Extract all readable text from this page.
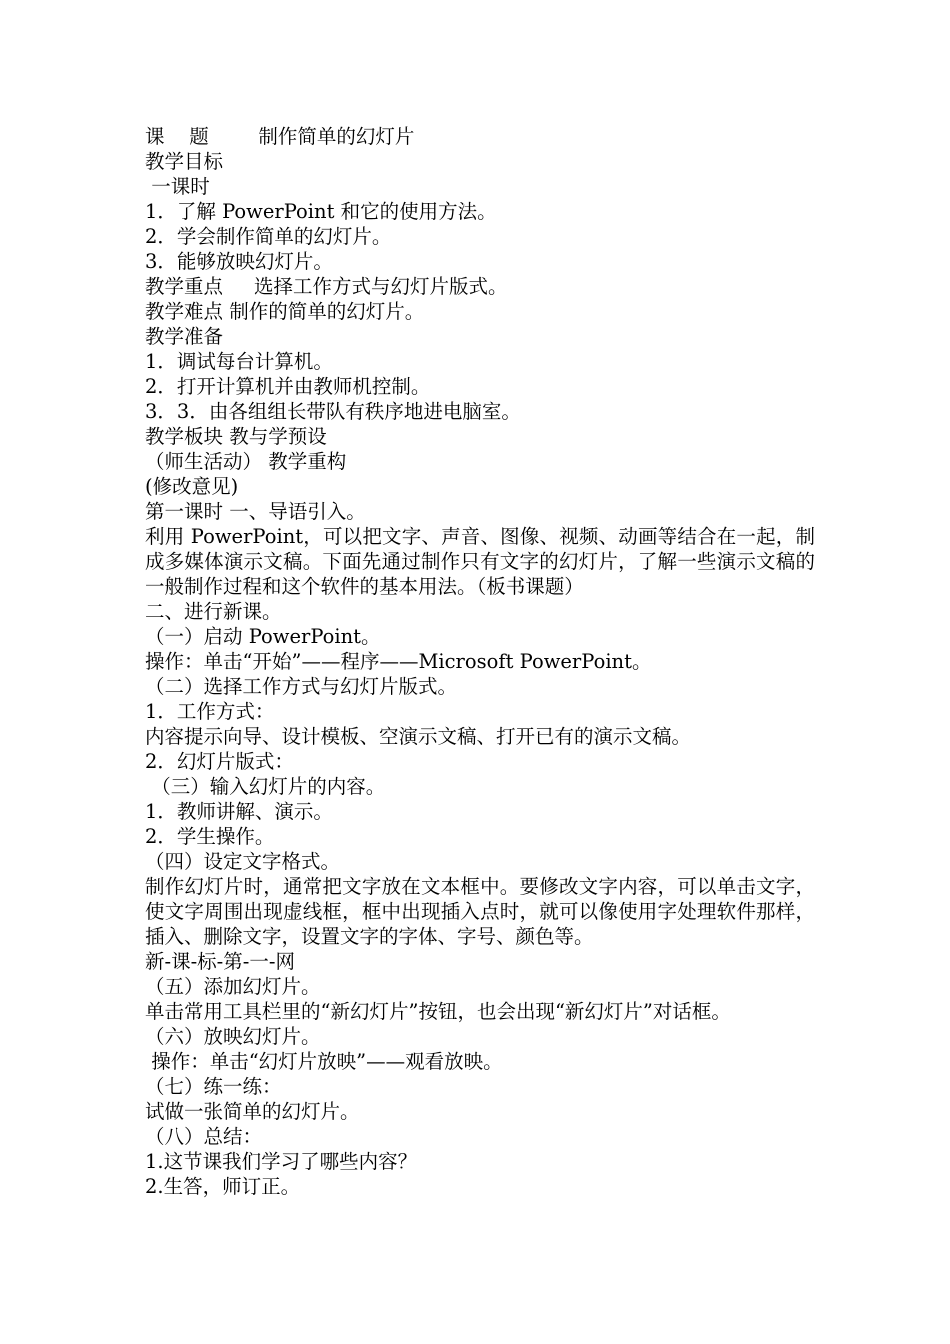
课    题        制作简单的幻灯片
教学目标
一课时
1．了解 PowerPoint 和它的使用方法。
2．学会制作简单的幻灯片。
3．能够放映幻灯片。
教学重点     选择工作方式与幻灯片版式。
教学难点 制作的简单的幻灯片。
教学准备
1．调试每台计算机。
2．打开计算机并由教师机控制。
3．3．由各组组长带队有秩序地进电脑室。
教学板块 教与学预设
（师生活动） 教学重构
(修改意见)
第一课时 一、导语引入。
利用 PowerPoint，可以把文字、声音、图像、视频、动画等结合在一起，制成多媒体演示文稿。下面先通过制作只有文字的幻灯片，了解一些演示文稿的一般制作过程和这个软件的基本用法。（板书课题）
二、进行新课。
（一）启动 PowerPoint。
操作：单击“开始”——程序——Microsoft PowerPoint。
（二）选择工作方式与幻灯片版式。
1．工作方式：
内容提示向导、设计模板、空演示文稿、打开已有的演示文稿。
2．幻灯片版式：
（三）输入幻灯片的内容。
1．教师讲解、演示。
2．学生操作。
（四）设定文字格式。
制作幻灯片时，通常把文字放在文本框中。要修改文字内容，可以单击文字，使文字周围出现虚线框，框中出现插入点时，就可以像使用字处理软件那样，插入、删除文字，设置文字的字体、字号、颜色等。
新-课-标-第-一-网
（五）添加幻灯片。
单击常用工具栏里的“新幻灯片”按钮，也会出现“新幻灯片”对话框。
（六）放映幻灯片。
操作：单击“幻灯片放映”——观看放映。
（七）练一练：
试做一张简单的幻灯片。
（八）总结：
1.这节课我们学习了哪些内容？
2.生答，师订正。
